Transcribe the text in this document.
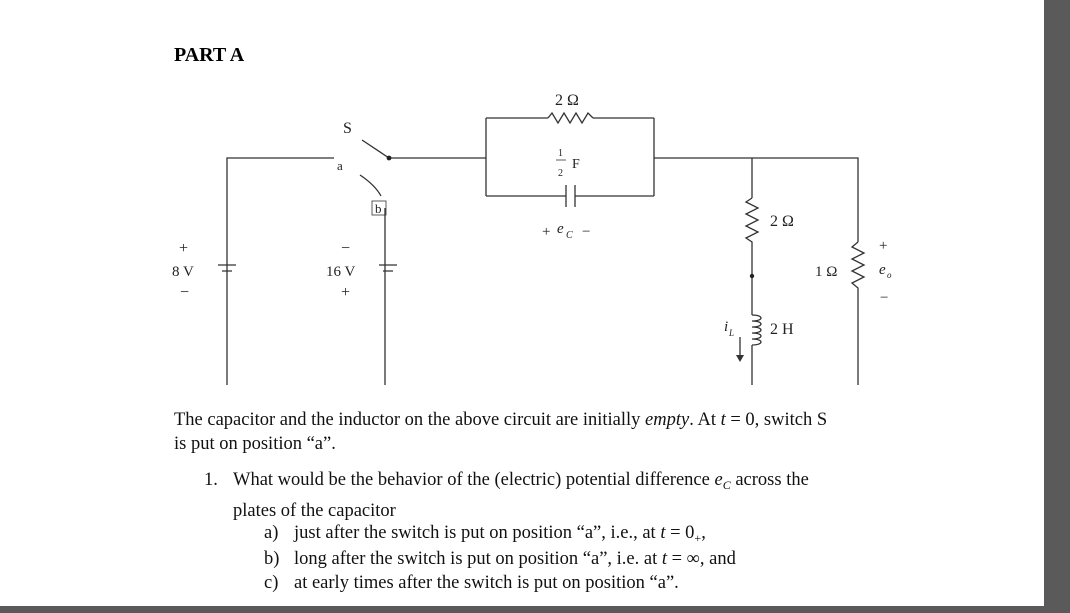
PART A
S
a
b
+
8 V
−
−
16 V
+
2 Ω
1
2
F
+ e C −
2 Ω
2 H
i L
1 Ω
+
e o
−
The capacitor and the inductor on the above circuit are initially empty. At t = 0, switch S
is put on position “a”.
1. What would be the behavior of the (electric) potential difference $e_C$ across the
plates of the capacitor
a) just after the switch is put on position “a”, i.e., at $t = 0_+$,
b) long after the switch is put on position “a”, i.e. at t = ∞, and
c) at early times after the switch is put on position “a”.
